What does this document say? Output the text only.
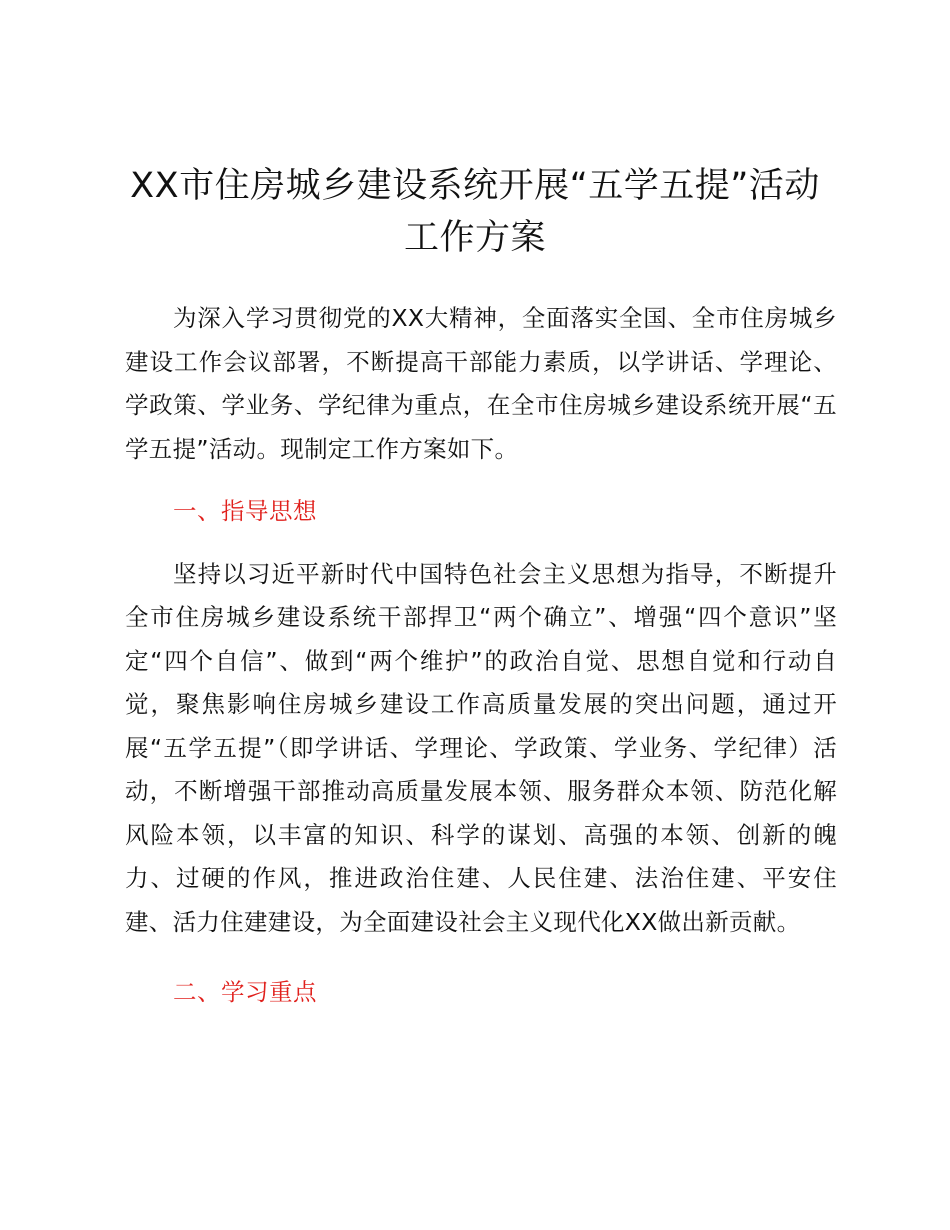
XX市住房城乡建设系统开展“五学五提”活动工作方案

为深入学习贯彻党的XX大精神，全面落实全国、全市住房城乡建设工作会议部署，不断提高干部能力素质，以学讲话、学理论、学政策、学业务、学纪律为重点，在全市住房城乡建设系统开展“五学五提”活动。现制定工作方案如下。

一、指导思想

坚持以习近平新时代中国特色社会主义思想为指导，不断提升全市住房城乡建设系统干部捍卫“两个确立”、增强“四个意识”坚定“四个自信”、做到“两个维护”的政治自觉、思想自觉和行动自觉，聚焦影响住房城乡建设工作高质量发展的突出问题，通过开展“五学五提”（即学讲话、学理论、学政策、学业务、学纪律）活动，不断增强干部推动高质量发展本领、服务群众本领、防范化解风险本领，以丰富的知识、科学的谋划、高强的本领、创新的魄力、过硬的作风，推进政治住建、人民住建、法治住建、平安住建、活力住建建设，为全面建设社会主义现代化XX做出新贡献。

二、学习重点
